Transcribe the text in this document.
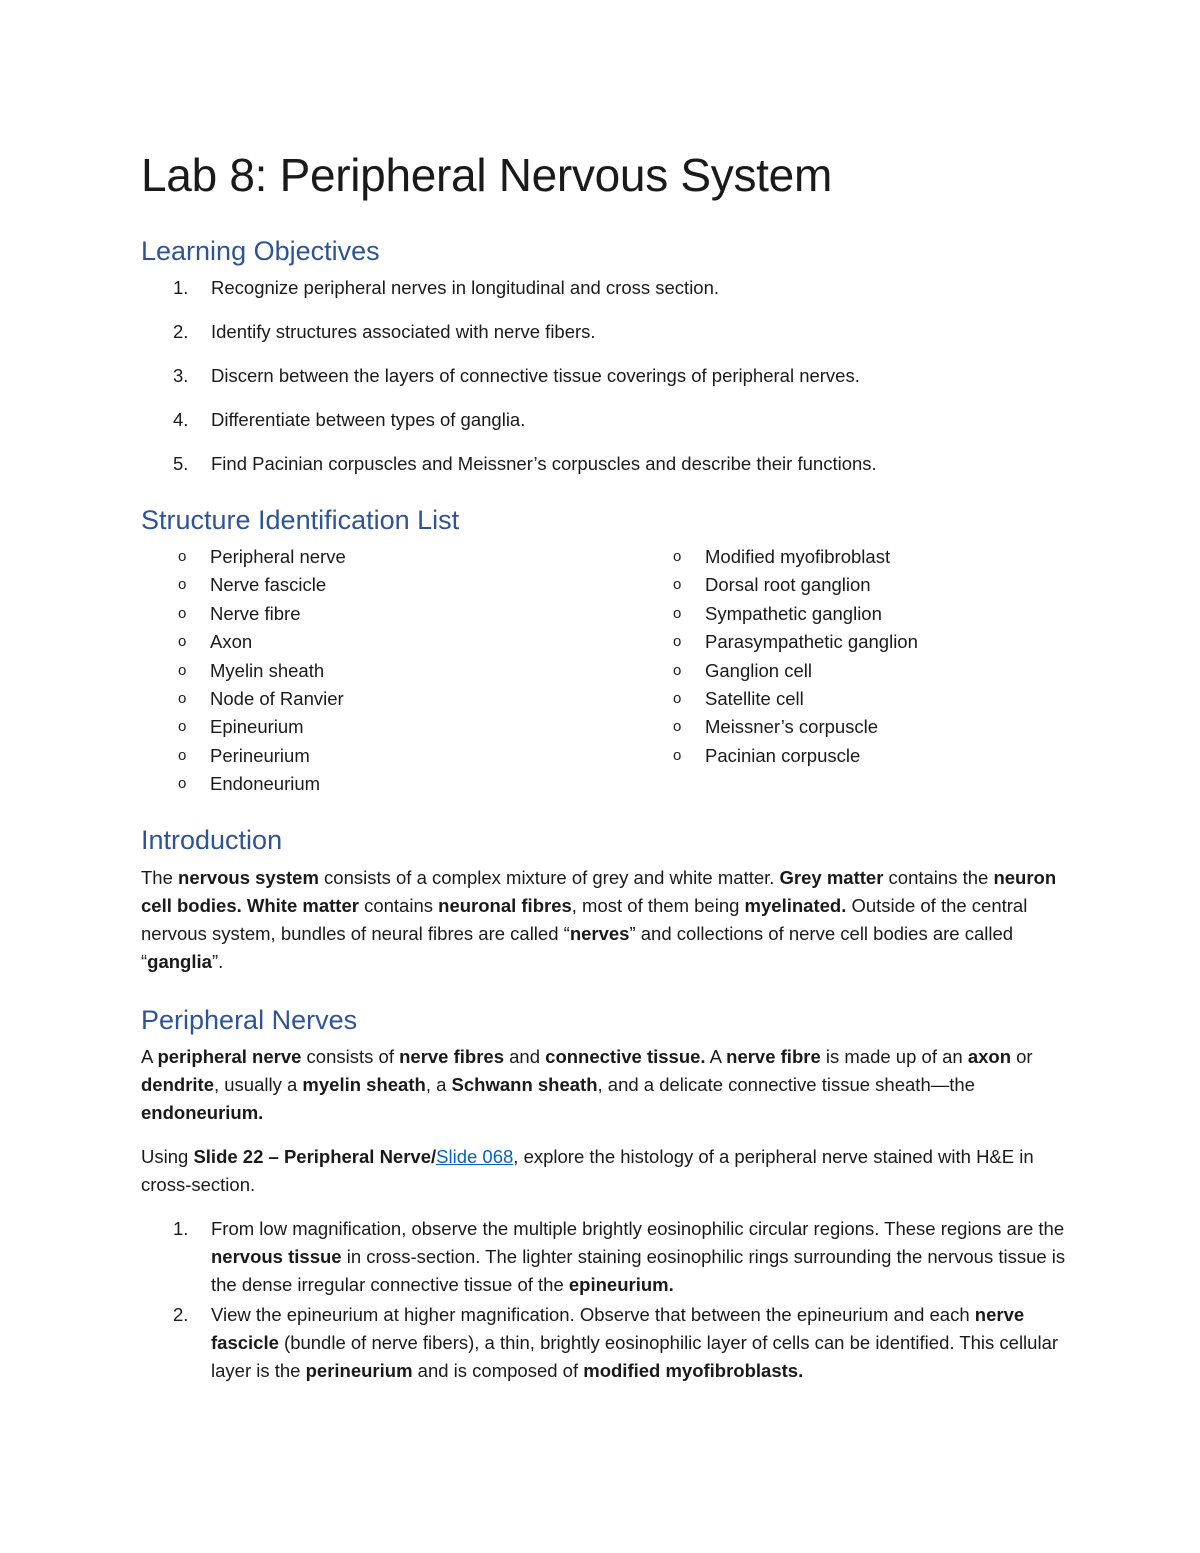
Lab 8: Peripheral Nervous System
Learning Objectives
1.	Recognize peripheral nerves in longitudinal and cross section.
2.	Identify structures associated with nerve fibers.
3.	Discern between the layers of connective tissue coverings of peripheral nerves.
4.	Differentiate between types of ganglia.
5.	Find Pacinian corpuscles and Meissner’s corpuscles and describe their functions.
Structure Identification List
o Peripheral nerve
o Nerve fascicle
o Nerve fibre
o Axon
o Myelin sheath
o Node of Ranvier
o Epineurium
o Perineurium
o Endoneurium
o Modified myofibroblast
o Dorsal root ganglion
o Sympathetic ganglion
o Parasympathetic ganglion
o Ganglion cell
o Satellite cell
o Meissner’s corpuscle
o Pacinian corpuscle
Introduction

The nervous system consists of a complex mixture of grey and white matter. Grey matter contains the neuron cell bodies. White matter contains neuronal fibres, most of them being myelinated. Outside of the central nervous system, bundles of neural fibres are called “nerves” and collections of nerve cell bodies are called “ganglia”.

Peripheral Nerves

A peripheral nerve consists of nerve fibres and connective tissue. A nerve fibre is made up of an axon or dendrite, usually a myelin sheath, a Schwann sheath, and a delicate connective tissue sheath—the endoneurium.

Using Slide 22 – Peripheral Nerve/Slide 068, explore the histology of a peripheral nerve stained with H&E in cross-section.

1.	From low magnification, observe the multiple brightly eosinophilic circular regions. These regions are the nervous tissue in cross-section. The lighter staining eosinophilic rings surrounding the nervous tissue is the dense irregular connective tissue of the epineurium.
2.	View the epineurium at higher magnification. Observe that between the epineurium and each nerve fascicle (bundle of nerve fibers), a thin, brightly eosinophilic layer of cells can be identified. This cellular layer is the perineurium and is composed of modified myofibroblasts.
